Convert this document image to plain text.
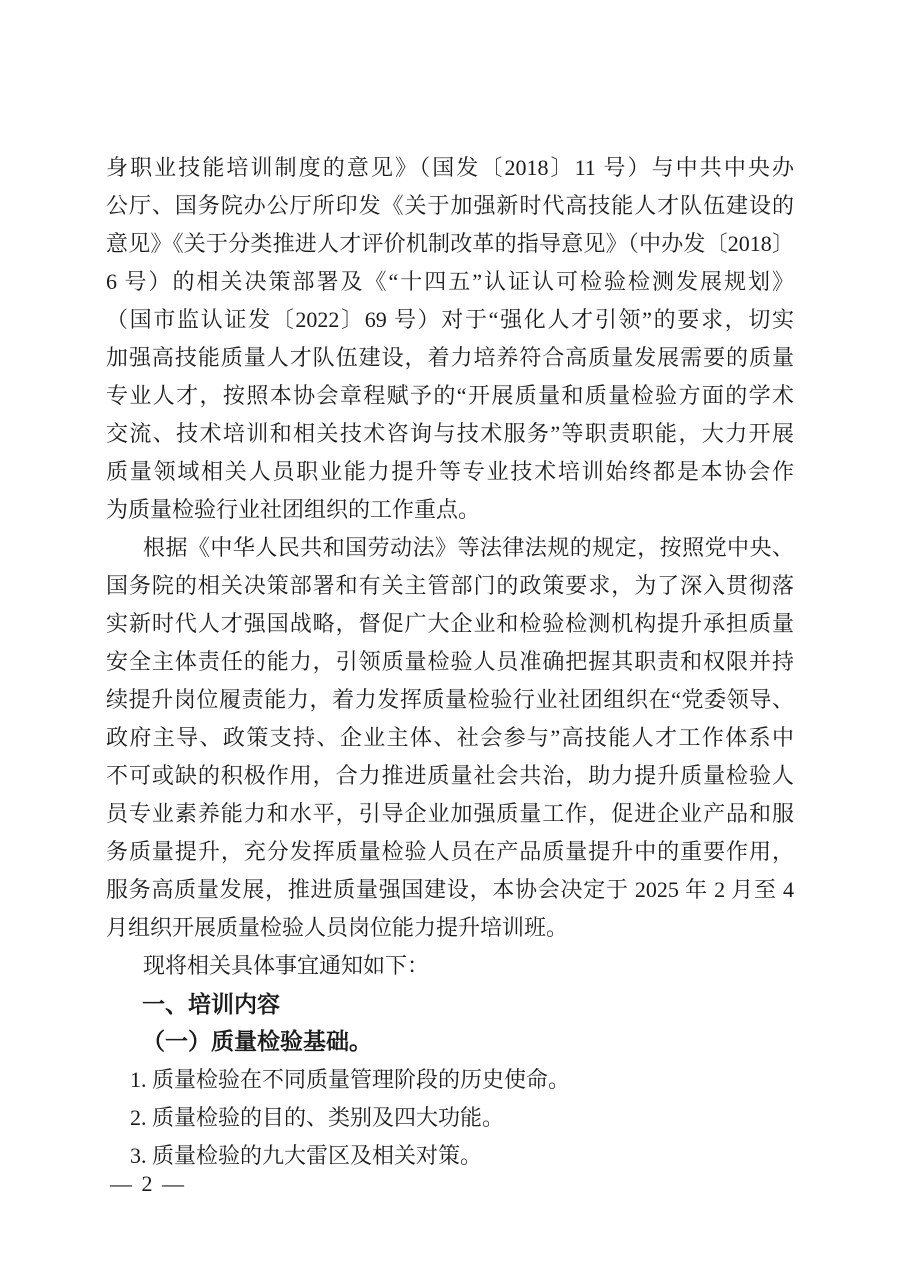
身职业技能培训制度的意见》（国发〔2018〕11 号）与中共中央办
公厅、国务院办公厅所印发《关于加强新时代高技能人才队伍建设的
意见》《关于分类推进人才评价机制改革的指导意见》（中办发〔2018〕
6 号）的相关决策部署及《“十四五”认证认可检验检测发展规划》
（国市监认证发〔2022〕69 号）对于“强化人才引领”的要求，切实
加强高技能质量人才队伍建设，着力培养符合高质量发展需要的质量
专业人才，按照本协会章程赋予的“开展质量和质量检验方面的学术
交流、技术培训和相关技术咨询与技术服务”等职责职能，大力开展
质量领域相关人员职业能力提升等专业技术培训始终都是本协会作
为质量检验行业社团组织的工作重点。
根据《中华人民共和国劳动法》等法律法规的规定，按照党中央、
国务院的相关决策部署和有关主管部门的政策要求，为了深入贯彻落
实新时代人才强国战略，督促广大企业和检验检测机构提升承担质量
安全主体责任的能力，引领质量检验人员准确把握其职责和权限并持
续提升岗位履责能力，着力发挥质量检验行业社团组织在“党委领导、
政府主导、政策支持、企业主体、社会参与”高技能人才工作体系中
不可或缺的积极作用，合力推进质量社会共治，助力提升质量检验人
员专业素养能力和水平，引导企业加强质量工作，促进企业产品和服
务质量提升，充分发挥质量检验人员在产品质量提升中的重要作用，
服务高质量发展，推进质量强国建设，本协会决定于 2025 年 2 月至 4
月组织开展质量检验人员岗位能力提升培训班。
现将相关具体事宜通知如下：
一、培训内容
（一）质量检验基础。
1. 质量检验在不同质量管理阶段的历史使命。
2. 质量检验的目的、类别及四大功能。
3. 质量检验的九大雷区及相关对策。
— 2 —
